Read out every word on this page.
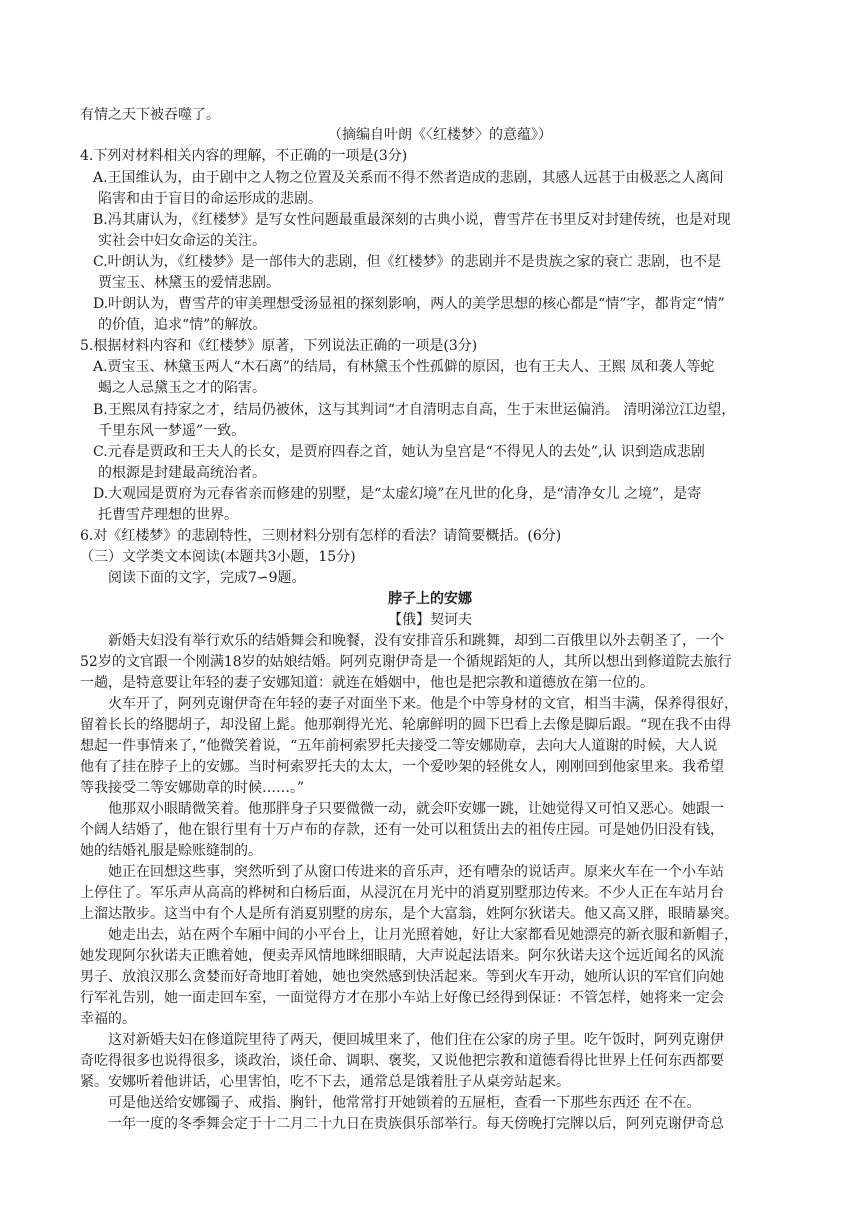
有情之天下被吞噬了。
（摘编自叶朗《〈红楼梦〉的意蕴》）
4.下列对材料相关内容的理解，不正确的一项是(3分)
A.王国维认为，由于剧中之人物之位置及关系而不得不然者造成的悲剧，其感人远甚于由极恶之人离间
陷害和由于盲目的命运形成的悲剧。
B.冯其庸认为，《红楼梦》是写女性问题最重最深刻的古典小说，曹雪芹在书里反对封建传统，也是对现
实社会中妇女命运的关注。
C.叶朗认为，《红楼梦》是一部伟大的悲剧，但《红楼梦》的悲剧并不是贵族之家的衰亡 悲剧，也不是
贾宝玉、林黛玉的爱情悲剧。
D.叶朗认为，曹雪芹的审美理想受汤显祖的探刻影响，两人的美学思想的核心都是“情”字，都肯定“情”
的价值，追求“情”的解放。
5.根据材料内容和《红楼梦》原著，下列说法正确的一项是(3分)
A.贾宝玉、林黛玉两人“木石离”的结局，有林黛玉个性孤僻的原因，也有王夫人、王熙 凤和袭人等蛇
蝎之人忌黛玉之才的陷害。
B.王熙凤有持家之才，结局仍被休，这与其判词“才自清明志自高，生于末世运偏消。 清明涕泣江边望，
千里东风一梦遥”一致。
C.元春是贾政和王夫人的长女，是贾府四春之首，她认为皇宫是“不得见人的去处”,认 识到造成悲剧
的根源是封建最高统治者。
D.大观园是贾府为元春省亲而修建的别墅，是“太虚幻境”在凡世的化身，是“清净女儿 之境”，是寄
托曹雪芹理想的世界。
6.对《红楼梦》的悲剧特性，三则材料分别有怎样的看法？请简要概括。(6分)
（三）文学类文本阅读(本题共3小题，15分)
阅读下面的文字，完成7∽9题。
脖子上的安娜
【俄】契诃夫
新婚夫妇没有举行欢乐的结婚舞会和晚餐，没有安排音乐和跳舞，却到二百俄里以外去朝圣了，一个
52岁的文官跟一个刚满18岁的姑娘结婚。阿列克谢伊奇是一个循规蹈矩的人，其所以想出到修道院去旅行
一趟，是特意要让年轻的妻子安娜知道：就连在婚姻中，他也是把宗教和道德放在第一位的。
火车开了，阿列克谢伊奇在年轻的妻子对面坐下来。他是个中等身材的文官，相当丰满，保养得很好，
留着长长的络腮胡子，却没留上髭。他那剃得光光、轮廓鲜明的圆下巴看上去像是脚后跟。“现在我不由得
想起一件事情来了，”他微笑着说，“五年前柯索罗托夫接受二等安娜勋章，去向大人道谢的时候，大人说
他有了挂在脖子上的安娜。当时柯索罗托夫的太太，一个爱吵架的轻佻女人，刚刚回到他家里来。我希望
等我接受二等安娜勋章的时候……。”
他那双小眼睛微笑着。他那胖身子只要微微一动，就会吓安娜一跳，让她觉得又可怕又恶心。她跟一
个阔人结婚了，他在银行里有十万卢布的存款，还有一处可以租赁出去的祖传庄园。可是她仍旧没有钱，
她的结婚礼服是赊账缝制的。
她正在回想这些事，突然听到了从窗口传进来的音乐声，还有嘈杂的说话声。原来火车在一个小车站
上停住了。军乐声从高高的桦树和白杨后面，从浸沉在月光中的消夏别墅那边传来。不少人正在车站月台
上溜达散步。这当中有个人是所有消夏别墅的房东，是个大富翁，姓阿尔狄诺夫。他又高又胖，眼睛暴突。
她走出去，站在两个车厢中间的小平台上，让月光照着她，好让大家都看见她漂亮的新衣服和新帽子，
她发现阿尔狄诺夫正瞧着她，便卖弄风情地眯细眼睛，大声说起法语来。阿尔狄诺夫这个远近闻名的风流
男子、放浪汉那么贪婪而好奇地盯着她，她也突然感到快活起来。等到火车开动，她所认识的军官们向她
行军礼告别，她一面走回车室，一面觉得方才在那小车站上好像已经得到保证：不管怎样，她将来一定会
幸福的。
这对新婚夫妇在修道院里待了两天，便回城里来了，他们住在公家的房子里。吃午饭时，阿列克谢伊
奇吃得很多也说得很多，谈政治，谈任命、调职、褒奖，又说他把宗教和道德看得比世界上任何东西都要
紧。安娜听着他讲话，心里害怕，吃不下去，通常总是饿着肚子从桌旁站起来。
可是他送给安娜镯子、戒指、胸针，他常常打开她锁着的五屉柜，查看一下那些东西还 在不在。
一年一度的冬季舞会定于十二月二十九日在贵族俱乐部举行。每天傍晚打完牌以后，阿列克谢伊奇总
